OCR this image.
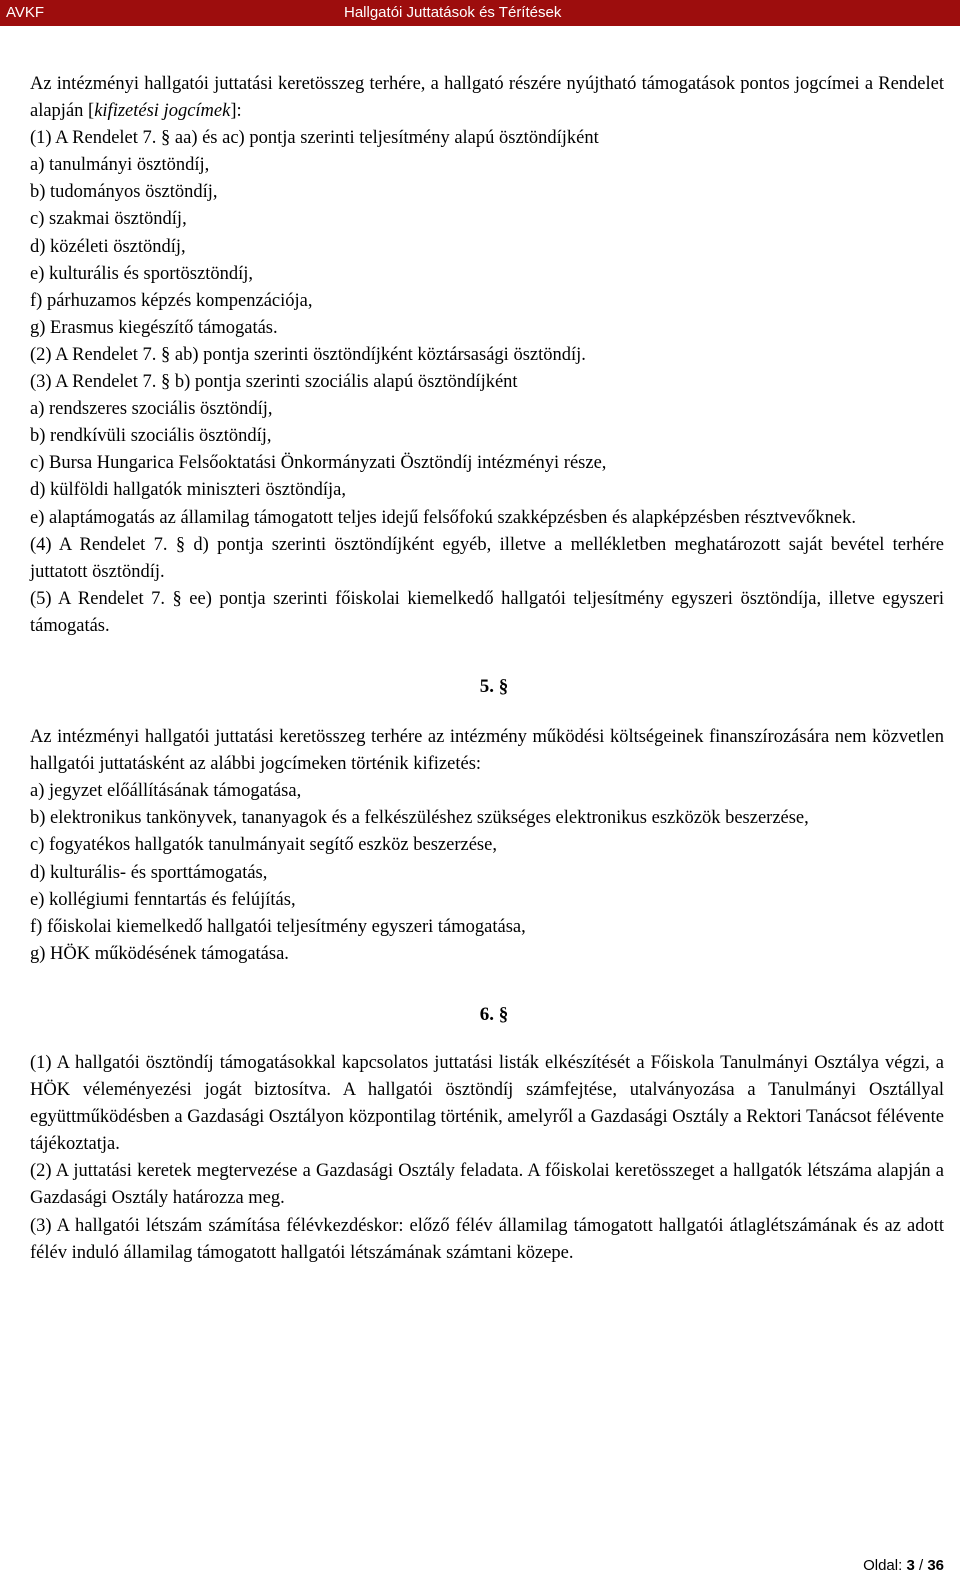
AVKF	Hallgatói Juttatások és Térítések

Az intézményi hallgatói juttatási keretösszeg terhére, a hallgató részére nyújtható támogatások pontos jogcímei a Rendelet alapján [kifizetési jogcímek]:

(1) A Rendelet 7. § aa) és ac) pontja szerinti teljesítmény alapú ösztöndíjként

a) tanulmányi ösztöndíj,

b) tudományos ösztöndíj,

c) szakmai ösztöndíj,

d) közéleti ösztöndíj,

e) kulturális és sportösztöndíj,

f) párhuzamos képzés kompenzációja,

g) Erasmus kiegészítő támogatás.

(2) A Rendelet 7. § ab) pontja szerinti ösztöndíjként köztársasági ösztöndíj.

(3) A Rendelet 7. § b) pontja szerinti szociális alapú ösztöndíjként

a) rendszeres szociális ösztöndíj,

b) rendkívüli szociális ösztöndíj,

c) Bursa Hungarica Felsőoktatási Önkormányzati Ösztöndíj intézményi része,

d) külföldi hallgatók miniszteri ösztöndíja,

e) alaptámogatás az államilag támogatott teljes idejű felsőfokú szakképzésben és alapképzésben résztvevőknek.

(4) A Rendelet 7. § d) pontja szerinti ösztöndíjként egyéb, illetve a mellékletben meghatározott saját bevétel terhére juttatott ösztöndíj.

(5) A Rendelet 7. § ee) pontja szerinti főiskolai kiemelkedő hallgatói teljesítmény egyszeri ösztöndíja, illetve egyszeri támogatás.

5. §

Az intézményi hallgatói juttatási keretösszeg terhére az intézmény működési költségeinek finanszírozására nem közvetlen hallgatói juttatásként az alábbi jogcímeken történik kifizetés:

a) jegyzet előállításának támogatása,

b) elektronikus tankönyvek, tananyagok és a felkészüléshez szükséges elektronikus eszközök beszerzése,

c) fogyatékos hallgatók tanulmányait segítő eszköz beszerzése,

d) kulturális- és sporttámogatás,

e) kollégiumi fenntartás és felújítás,

f) főiskolai kiemelkedő hallgatói teljesítmény egyszeri támogatása,

g) HÖK működésének támogatása.

6. §

(1) A hallgatói ösztöndíj támogatásokkal kapcsolatos juttatási listák elkészítését a Főiskola Tanulmányi Osztálya végzi, a HÖK véleményezési jogát biztosítva. A hallgatói ösztöndíj számfejtése, utalványozása a Tanulmányi Osztállyal együttműködésben a Gazdasági Osztályon központilag történik, amelyről a Gazdasági Osztály a Rektori Tanácsot félévente tájékoztatja.

(2) A juttatási keretek megtervezése a Gazdasági Osztály feladata. A főiskolai keretösszeget a hallgatók létszáma alapján a Gazdasági Osztály határozza meg.

(3) A hallgatói létszám számítása félévkezdéskor: előző félév államilag támogatott hallgatói átlaglétszámának és az adott félév induló államilag támogatott hallgatói létszámának számtani közepe.

Oldal: 3 / 36
